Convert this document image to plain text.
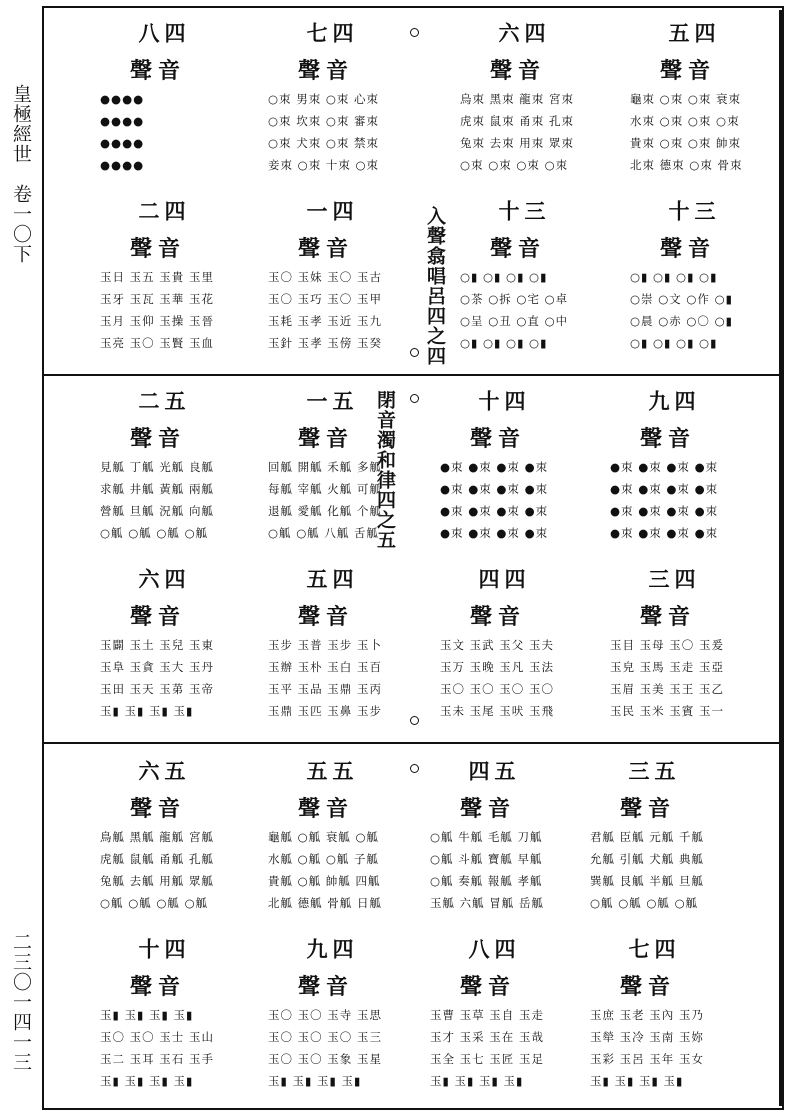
皇極經世　卷一〇下
二三〇一四一三
入聲翕唱呂四之四
閉音濁和律四之五
八 四
聲 音
●●●●
●●●●
●●●●
●●●●
七 四
聲 音
○朿 男朿 ○朿 心朿
○朿 坎朿 ○朿 審朿
○朿 犬朿 ○朿 禁朿
妾朿 ○朿 十朿 ○朿
六 四
聲 音
烏朿 黑朿 龍朿 宮朿
虎朿 鼠朿 甬朿 孔朿
兔朿 去朿 用朿 眾朿
○朿 ○朿 ○朿 ○朿
五 四
聲 音
龜朿 ○朿 ○朿 衰朿
水朿 ○朿 ○朿 ○朿
貴朿 ○朿 ○朿 帥朿
北朿 德朿 ○朿 骨朿
二 四
聲 音
玉日 玉五 玉貴 玉里
玉牙 玉瓦 玉華 玉花
玉月 玉仰 玉操 玉晉
玉亮 玉〇 玉賢 玉血
一 四
聲 音
玉〇 玉妹 玉〇 玉古
玉〇 玉巧 玉〇 玉甲
玉耗 玉孝 玉近 玉九
玉針 玉孝 玉傍 玉癸
十 三
聲 音
○▮ ○▮ ○▮ ○▮
○茶 ○拆 ○宅 ○卓
○呈 ○丑 ○直 ○中
○▮ ○▮ ○▮ ○▮
十 三
聲 音
○▮ ○▮ ○▮ ○▮
○崇 ○文 ○作 ○▮
○晨 ○赤 ○〇 ○▮
○▮ ○▮ ○▮ ○▮
二 五
聲 音
見觚 丁觚 光觚 良觚
求觚 井觚 黃觚 兩觚
營觚 旦觚 況觚 向觚
○觚 ○觚 ○觚 ○觚
一 五
聲 音
回觚 開觚 禾觚 多觚
每觚 宰觚 火觚 可觚
退觚 愛觚 化觚 个觚
○觚 ○觚 八觚 舌觚
十 四
聲 音
●朿 ●朿 ●朿 ●朿
●朿 ●朿 ●朿 ●朿
●朿 ●朿 ●朿 ●朿
●朿 ●朿 ●朿 ●朿
九 四
聲 音
●朿 ●朿 ●朿 ●朿
●朿 ●朿 ●朿 ●朿
●朿 ●朿 ●朿 ●朿
●朿 ●朿 ●朿 ●朿
六 四
聲 音
玉闢 玉土 玉兒 玉東
玉阜 玉貪 玉大 玉丹
玉田 玉天 玉苐 玉帝
玉▮ 玉▮ 玉▮ 玉▮
五 四
聲 音
玉步 玉普 玉步 玉卜
玉辦 玉朴 玉白 玉百
玉平 玉品 玉鼎 玉丙
玉鼎 玉匹 玉鼻 玉步
四 四
聲 音
玉文 玉武 玉父 玉夫
玉万 玉晚 玉凡 玉法
玉〇 玉〇 玉〇 玉〇
玉未 玉尾 玉吠 玉飛
三 四
聲 音
玉目 玉母 玉〇 玉爰
玉皃 玉馬 玉走 玉亞
玉眉 玉美 玉王 玉乙
玉民 玉米 玉賓 玉一
六 五
聲 音
鳥觚 黑觚 龍觚 宮觚
虎觚 鼠觚 甬觚 孔觚
兔觚 去觚 用觚 眾觚
○觚 ○觚 ○觚 ○觚
五 五
聲 音
龜觚 ○觚 衰觚 ○觚
水觚 ○觚 ○觚 子觚
貴觚 ○觚 帥觚 四觚
北觚 德觚 骨觚 日觚
四 五
聲 音
○觚 牛觚 毛觚 刀觚
○觚 斗觚 寶觚 早觚
○觚 奏觚 報觚 孝觚
玉觚 六觚 冒觚 岳觚
三 五
聲 音
君觚 臣觚 元觚 千觚
允觚 引觚 犬觚 典觚
巽觚 艮觚 半觚 旦觚
○觚 ○觚 ○觚 ○觚
十 四
聲 音
玉▮ 玉▮ 玉▮ 玉▮
玉〇 玉〇 玉士 玉山
玉二 玉耳 玉石 玉手
玉▮ 玉▮ 玉▮ 玉▮
九 四
聲 音
玉〇 玉〇 玉寺 玉思
玉〇 玉〇 玉〇 玉三
玉〇 玉〇 玉象 玉星
玉▮ 玉▮ 玉▮ 玉▮
八 四
聲 音
玉曹 玉草 玉自 玉走
玉才 玉采 玉在 玉哉
玉全 玉七 玉匠 玉足
玉▮ 玉▮ 玉▮ 玉▮
七 四
聲 音
玉庶 玉老 玉內 玉乃
玉犖 玉冷 玉南 玉妳
玉彩 玉呂 玉年 玉女
玉▮ 玉▮ 玉▮ 玉▮
